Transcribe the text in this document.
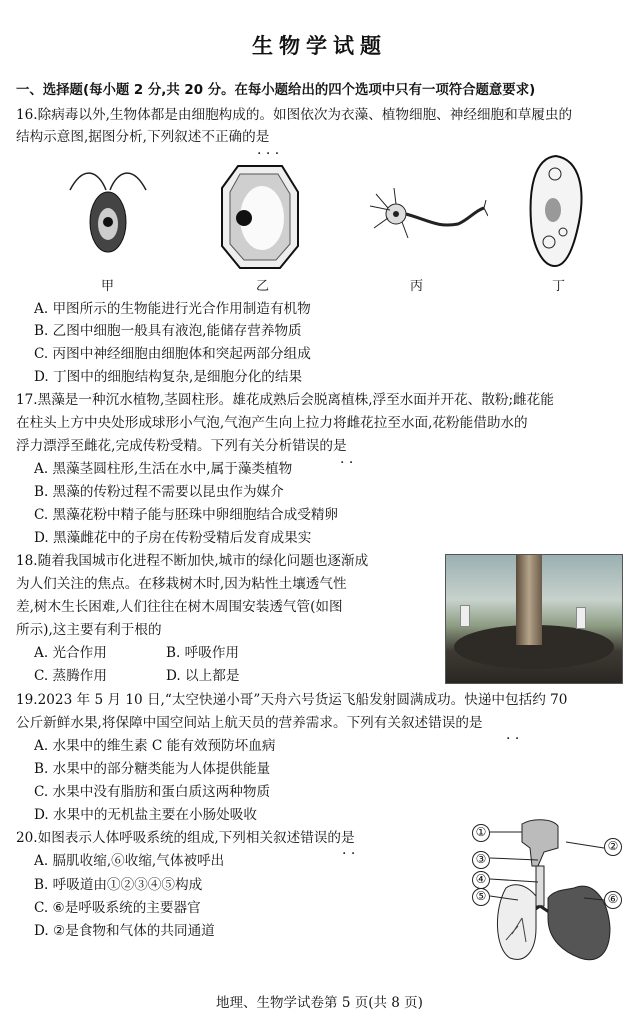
生物学试题
一、选择题(每小题 2 分,共 20 分。在每小题给出的四个选项中只有一项符合题意要求)
16.除病毒以外,生物体都是由细胞构成的。如图依次为衣藻、植物细胞、神经细胞和草履虫的
结构示意图,据图分析,下列叙述不正确的是
· · ·
甲	乙	丙	丁
A. 甲图所示的生物能进行光合作用制造有机物
B. 乙图中细胞一般具有液泡,能储存营养物质
C. 丙图中神经细胞由细胞体和突起两部分组成
D. 丁图中的细胞结构复杂,是细胞分化的结果
17.黑藻是一种沉水植物,茎圆柱形。雄花成熟后会脱离植株,浮至水面并开花、散粉;雌花能
在柱头上方中央处形成球形小气泡,气泡产生向上拉力将雌花拉至水面,花粉能借助水的
浮力漂浮至雌花,完成传粉受精。下列有关分析错误的是
· ·
A. 黑藻茎圆柱形,生活在水中,属于藻类植物
B. 黑藻的传粉过程不需要以昆虫作为媒介
C. 黑藻花粉中精子能与胚珠中卵细胞结合成受精卵
D. 黑藻雌花中的子房在传粉受精后发育成果实
18.随着我国城市化进程不断加快,城市的绿化问题也逐渐成
为人们关注的焦点。在移栽树木时,因为粘性土壤透气性
差,树木生长困难,人们往往在树木周围安装透气管(如图
所示),这主要有利于根的
A. 光合作用	B. 呼吸作用
C. 蒸腾作用	D. 以上都是
19.2023 年 5 月 10 日,“太空快递小哥”天舟六号货运飞船发射圆满成功。快递中包括约 70
公斤新鲜水果,将保障中国空间站上航天员的营养需求。下列有关叙述错误的是
· ·
A. 水果中的维生素 C 能有效预防坏血病
B. 水果中的部分糖类能为人体提供能量
C. 水果中没有脂肪和蛋白质这两种物质
D. 水果中的无机盐主要在小肠处吸收
20.如图表示人体呼吸系统的组成,下列相关叙述错误的是
· ·
A. 膈肌收缩,⑥收缩,气体被呼出
B. 呼吸道由①②③④⑤构成
C. ⑥是呼吸系统的主要器官
D. ②是食物和气体的共同通道
①
②
③
④
⑤	⑥
地理、生物学试卷第 5 页(共 8 页)
